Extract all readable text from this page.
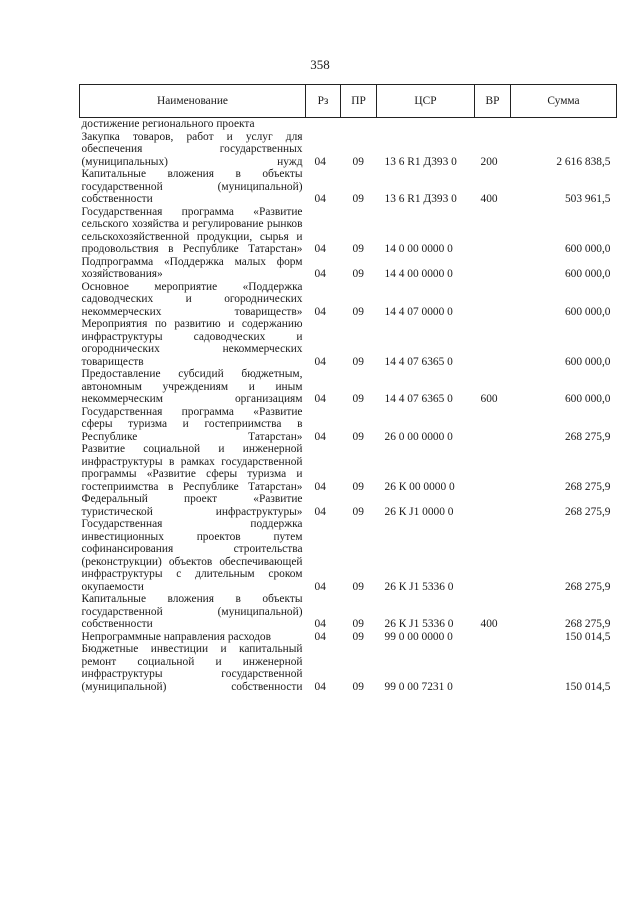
358
Наименование	Рз	ПР	ЦСР	ВР	Сумма
достижение регионального проекта					
Закупка товаров, работ и услуг для обеспечения государственных (муниципальных) нужд	04	09	13 6 R1 Д393 0	200	2 616 838,5
Капитальные вложения в объекты государственной (муниципальной) собственности	04	09	13 6 R1 Д393 0	400	503 961,5
Государственная программа «Развитие сельского хозяйства и регулирование рынков сельскохозяйственной продукции, сырья и продовольствия в Республике Татарстан»	04	09	14 0 00 0000 0		600 000,0
Подпрограмма «Поддержка малых форм хозяйствования»	04	09	14 4 00 0000 0		600 000,0
Основное мероприятие «Поддержка садоводческих и огороднических некоммерческих товариществ»	04	09	14 4 07 0000 0		600 000,0
Мероприятия по развитию и содержанию инфраструктуры садоводческих и огороднических некоммерческих товариществ	04	09	14 4 07 6365 0		600 000,0
Предоставление субсидий бюджетным, автономным учреждениям и иным некоммерческим организациям	04	09	14 4 07 6365 0	600	600 000,0
Государственная программа «Развитие сферы туризма и гостеприимства в Республике Татарстан»	04	09	26 0 00 0000 0		268 275,9
Развитие социальной и инженерной инфраструктуры в рамках государственной программы «Развитие сферы туризма и гостеприимства в Республике Татарстан»	04	09	26 К 00 0000 0		268 275,9
Федеральный проект «Развитие туристической инфраструктуры»	04	09	26 К J1 0000 0		268 275,9
Государственная поддержка инвестиционных проектов путем софинансирования строительства (реконструкции) объектов обеспечивающей инфраструктуры с длительным сроком окупаемости	04	09	26 К J1 5336 0		268 275,9
Капитальные вложения в объекты государственной (муниципальной) собственности	04	09	26 К J1 5336 0	400	268 275,9
Непрограммные направления расходов	04	09	99 0 00 0000 0		150 014,5
Бюджетные инвестиции и капитальный ремонт социальной и инженерной инфраструктуры государственной (муниципальной) собственности	04	09	99 0 00 7231 0		150 014,5
